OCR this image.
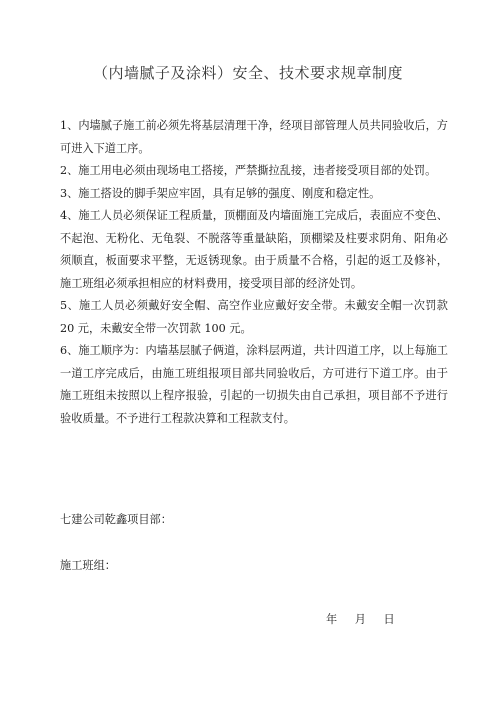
（内墙腻子及涂料）安全、技术要求规章制度

1、内墙腻子施工前必须先将基层清理干净，经项目部管理人员共同验收后，方可进入下道工序。

2、施工用电必须由现场电工搭接，严禁撕拉乱接，违者接受项目部的处罚。

3、施工搭设的脚手架应牢固，具有足够的强度、刚度和稳定性。

4、施工人员必须保证工程质量，顶棚面及内墙面施工完成后，表面应不变色、不起泡、无粉化、无龟裂、不脱落等重量缺陷，顶棚梁及柱要求阴角、阳角必须顺直，板面要求平整，无返锈现象。由于质量不合格，引起的返工及修补，施工班组必须承担相应的材料费用，接受项目部的经济处罚。

5、施工人员必须戴好安全帽、高空作业应戴好安全带。未戴安全帽一次罚款 20 元，未戴安全带一次罚款 100 元。

6、施工顺序为：内墙基层腻子俩道，涂料层两道，共计四道工序，以上每施工一道工序完成后，由施工班组报项目部共同验收后，方可进行下道工序。由于施工班组未按照以上程序报验，引起的一切损失由自己承担，项目部不予进行验收质量。不予进行工程款决算和工程款支付。

七建公司乾鑫项目部：
施工班组：
年 月 日
